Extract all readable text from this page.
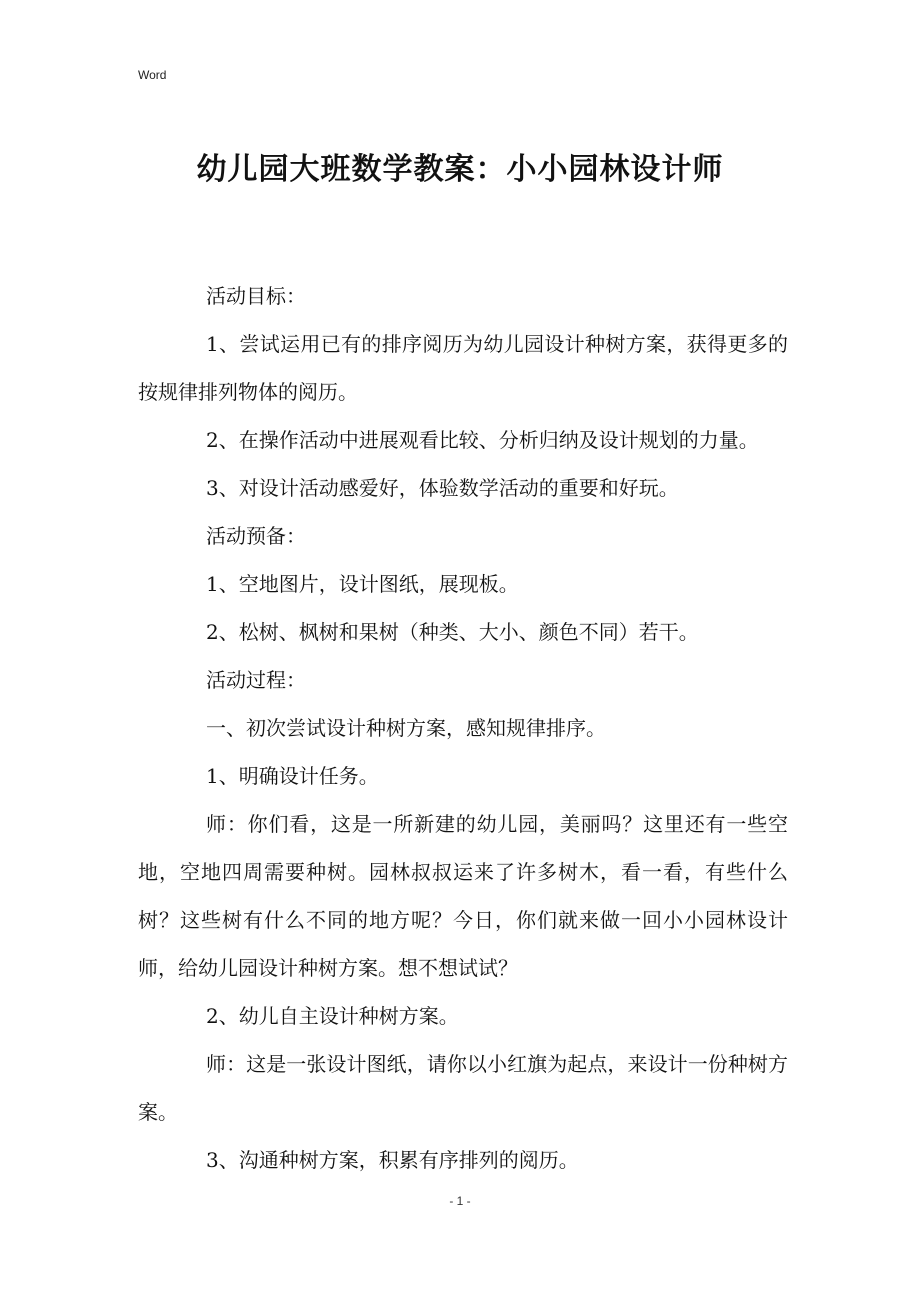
Word
幼儿园大班数学教案：小小园林设计师

活动目标：

1、尝试运用已有的排序阅历为幼儿园设计种树方案，获得更多的按规律排列物体的阅历。

2、在操作活动中进展观看比较、分析归纳及设计规划的力量。

3、对设计活动感爱好，体验数学活动的重要和好玩。

活动预备：

1、空地图片，设计图纸，展现板。

2、松树、枫树和果树（种类、大小、颜色不同）若干。

活动过程：

一、初次尝试设计种树方案，感知规律排序。

1、明确设计任务。

师：你们看，这是一所新建的幼儿园，美丽吗？这里还有一些空地，空地四周需要种树。园林叔叔运来了许多树木，看一看，有些什么树？这些树有什么不同的地方呢？今日，你们就来做一回小小园林设计师，给幼儿园设计种树方案。想不想试试？

2、幼儿自主设计种树方案。

师：这是一张设计图纸，请你以小红旗为起点，来设计一份种树方案。

3、沟通种树方案，积累有序排列的阅历。

- 1 -
